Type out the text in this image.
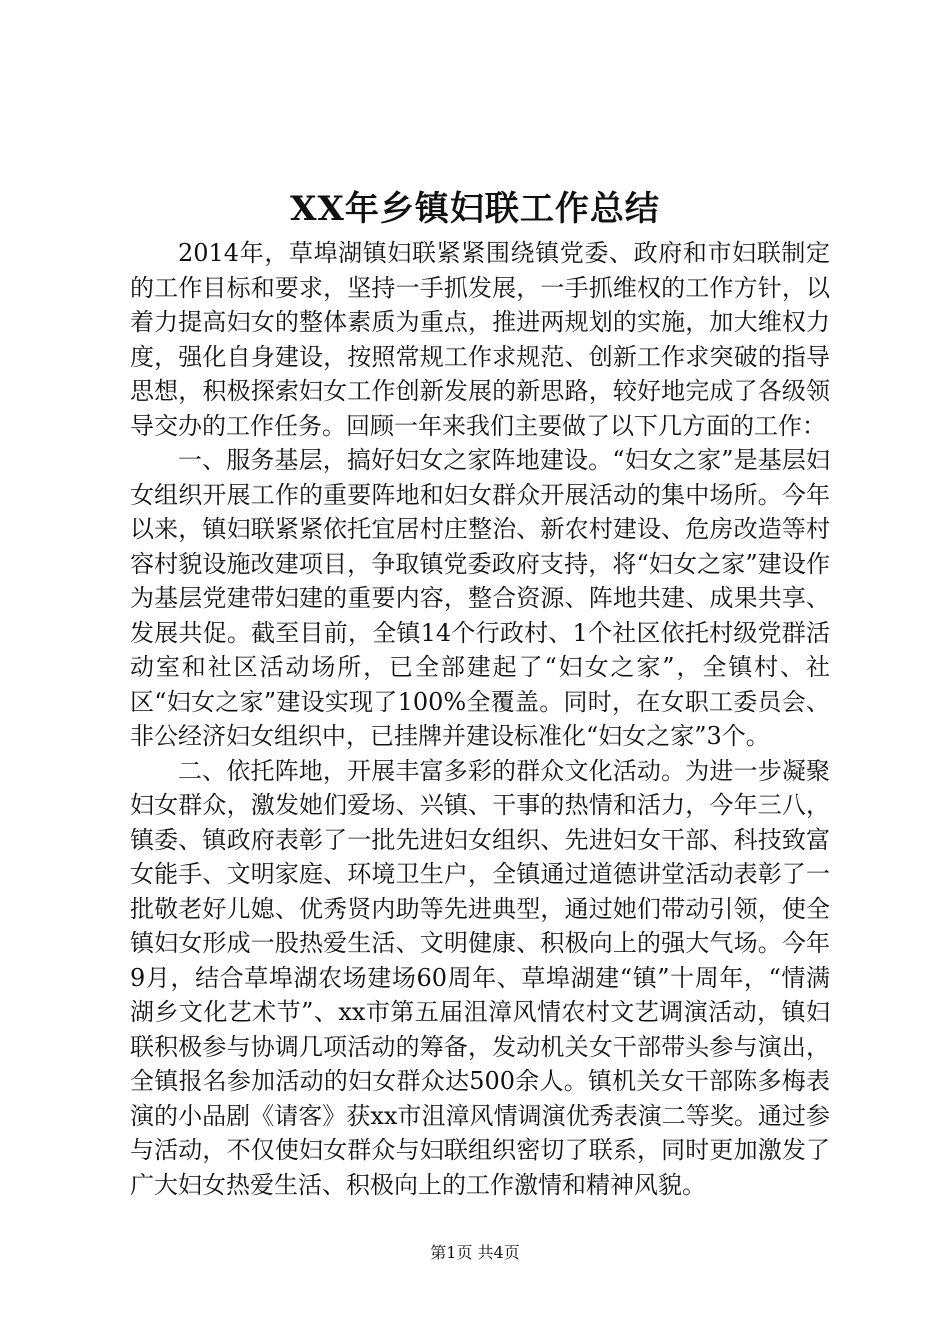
XX年乡镇妇联工作总结

2014年，草埠湖镇妇联紧紧围绕镇党委、政府和市妇联制定的工作目标和要求，坚持一手抓发展，一手抓维权的工作方针，以着力提高妇女的整体素质为重点，推进两规划的实施，加大维权力度，强化自身建设，按照常规工作求规范、创新工作求突破的指导思想，积极探索妇女工作创新发展的新思路，较好地完成了各级领导交办的工作任务。回顾一年来我们主要做了以下几方面的工作：

一、服务基层，搞好妇女之家阵地建设。“妇女之家”是基层妇女组织开展工作的重要阵地和妇女群众开展活动的集中场所。今年以来，镇妇联紧紧依托宜居村庄整治、新农村建设、危房改造等村容村貌设施改建项目，争取镇党委政府支持，将“妇女之家”建设作为基层党建带妇建的重要内容，整合资源、阵地共建、成果共享、发展共促。截至目前，全镇14个行政村、1个社区依托村级党群活动室和社区活动场所，已全部建起了“妇女之家”，全镇村、社区“妇女之家”建设实现了100%全覆盖。同时，在女职工委员会、非公经济妇女组织中，已挂牌并建设标准化“妇女之家”3个。

二、依托阵地，开展丰富多彩的群众文化活动。为进一步凝聚妇女群众，激发她们爱场、兴镇、干事的热情和活力，今年三八，镇委、镇政府表彰了一批先进妇女组织、先进妇女干部、科技致富女能手、文明家庭、环境卫生户，全镇通过道德讲堂活动表彰了一批敬老好儿媳、优秀贤内助等先进典型，通过她们带动引领，使全镇妇女形成一股热爱生活、文明健康、积极向上的强大气场。今年9月，结合草埠湖农场建场60周年、草埠湖建“镇”十周年，“情满湖乡文化艺术节”、xx市第五届沮漳风情农村文艺调演活动，镇妇联积极参与协调几项活动的筹备，发动机关女干部带头参与演出，全镇报名参加活动的妇女群众达500余人。镇机关女干部陈多梅表演的小品剧《请客》获xx市沮漳风情调演优秀表演二等奖。通过参与活动，不仅使妇女群众与妇联组织密切了联系，同时更加激发了广大妇女热爱生活、积极向上的工作激情和精神风貌。

第1页 共4页
